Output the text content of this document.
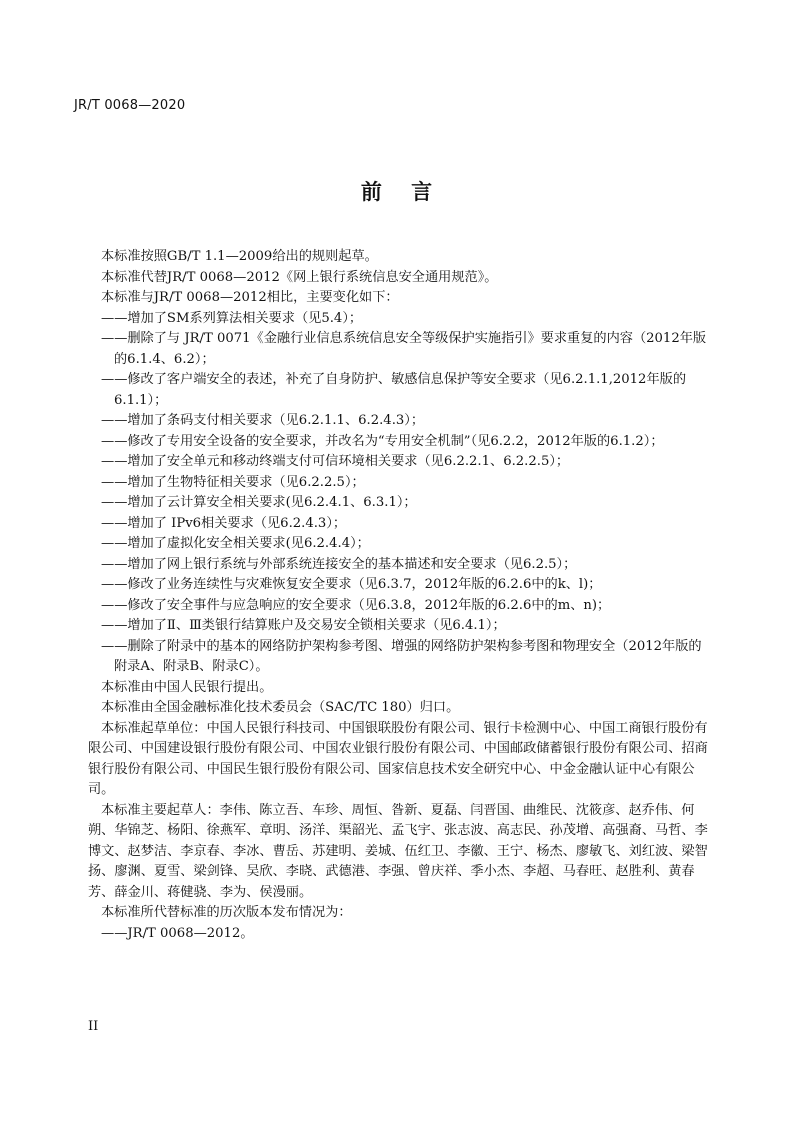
JR/T 0068—2020
前    言

本标准按照GB/T 1.1—2009给出的规则起草。

本标准代替JR/T 0068—2012《网上银行系统信息安全通用规范》。

本标准与JR/T 0068—2012相比，主要变化如下：

——增加了SM系列算法相关要求（见5.4）；

——删除了与 JR/T 0071《金融行业信息系统信息安全等级保护实施指引》要求重复的内容（2012年版的6.1.4、6.2）；

——修改了客户端安全的表述，补充了自身防护、敏感信息保护等安全要求（见6.2.1.1,2012年版的6.1.1）；

——增加了条码支付相关要求（见6.2.1.1、6.2.4.3）；

——修改了专用安全设备的安全要求，并改名为“专用安全机制”（见6.2.2，2012年版的6.1.2）；

——增加了安全单元和移动终端支付可信环境相关要求（见6.2.2.1、6.2.2.5）；

——增加了生物特征相关要求（见6.2.2.5）；

——增加了云计算安全相关要求(见6.2.4.1、6.3.1）；

——增加了 IPv6相关要求（见6.2.4.3）；

——增加了虚拟化安全相关要求(见6.2.4.4）；

——增加了网上银行系统与外部系统连接安全的基本描述和安全要求（见6.2.5）；

——修改了业务连续性与灾难恢复安全要求（见6.3.7，2012年版的6.2.6中的k、l)；

——修改了安全事件与应急响应的安全要求（见6.3.8，2012年版的6.2.6中的m、n)；

——增加了Ⅱ、Ⅲ类银行结算账户及交易安全锁相关要求（见6.4.1）；

——删除了附录中的基本的网络防护架构参考图、增强的网络防护架构参考图和物理安全（2012年版的附录A、附录B、附录C）。

本标准由中国人民银行提出。

本标准由全国金融标准化技术委员会（SAC/TC 180）归口。

本标准起草单位：中国人民银行科技司、中国银联股份有限公司、银行卡检测中心、中国工商银行股份有限公司、中国建设银行股份有限公司、中国农业银行股份有限公司、中国邮政储蓄银行股份有限公司、招商银行股份有限公司、中国民生银行股份有限公司、国家信息技术安全研究中心、中金金融认证中心有限公司。

本标准主要起草人：李伟、陈立吾、车珍、周恒、昝新、夏磊、闫晋国、曲维民、沈筱彦、赵乔伟、何朔、华锦芝、杨阳、徐燕军、章明、汤洋、渠韶光、孟飞宇、张志波、高志民、孙茂增、高强裔、马哲、李博文、赵梦洁、李京春、李冰、曹岳、苏建明、姜城、伍红卫、李徽、王宁、杨杰、廖敏飞、刘红波、梁智扬、廖渊、夏雪、梁剑锋、吴欣、李晓、武德港、李强、曾庆祥、季小杰、李超、马春旺、赵胜利、黄春芳、薛金川、蒋健骁、李为、侯漫丽。

本标准所代替标准的历次版本发布情况为：

——JR/T 0068—2012。

II
